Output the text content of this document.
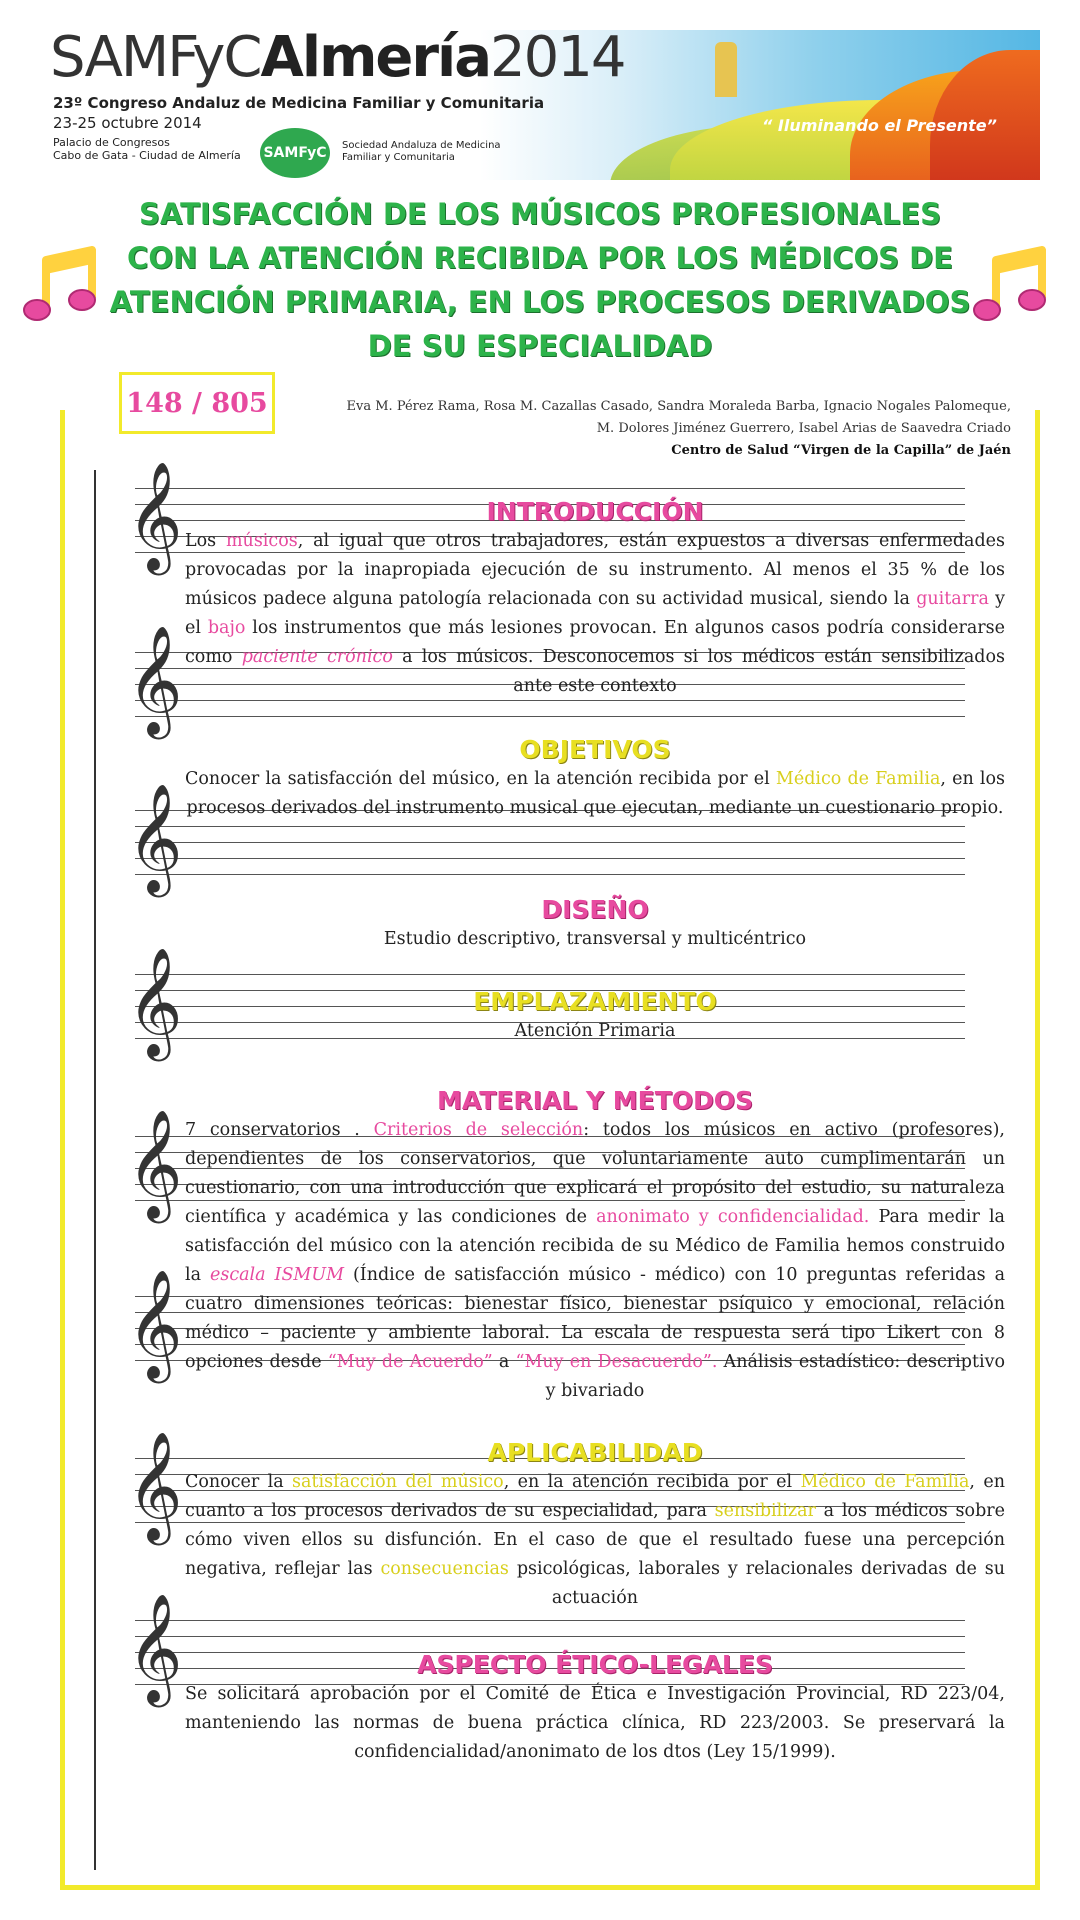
SAMFyCAlmería2014
23º Congreso Andaluz de Medicina Familiar y Comunitaria
23-25 octubre 2014
Palacio de Congresos
Cabo de Gata - Ciudad de Almería SAMFyC	Sociedad Andaluza de Medicina
Familiar y Comunitaria
“ Iluminando el Presente”
SATISFACCIÓN DE LOS MÚSICOS PROFESIONALES CON LA ATENCIÓN RECIBIDA POR LOS MÉDICOS DE ATENCIÓN PRIMARIA, EN LOS PROCESOS DERIVADOS DE SU ESPECIALIDAD
148 / 805	Eva M. Pérez Rama, Rosa M. Cazallas Casado, Sandra Moraleda Barba, Ignacio Nogales Palomeque,
M. Dolores Jiménez Guerrero, Isabel Arias de Saavedra Criado
Centro de Salud “Virgen de la Capilla” de Jaén
𝄞
𝄞
𝄞
𝄞
𝄞
𝄞
𝄞
𝄞
INTRODUCCIÓN
Los músicos, al igual que otros trabajadores, están expuestos a diversas enfermedades provocadas por la inapropiada ejecución de su instrumento. Al menos el 35 % de los músicos padece alguna patología relacionada con su actividad musical, siendo la guitarra y el bajo los instrumentos que más lesiones provocan. En algunos casos podría considerarse como paciente crónico a los músicos. Desconocemos si los médicos están sensibilizados ante este contexto
OBJETIVOS
Conocer la satisfacción del músico, en la atención recibida por el Médico de Familia, en los procesos derivados del instrumento musical que ejecutan, mediante un cuestionario propio.
DISEÑO
Estudio descriptivo, transversal y multicéntrico
EMPLAZAMIENTO
Atención Primaria
MATERIAL Y MÉTODOS
7 conservatorios . Criterios de selección: todos los músicos en activo (profesores), dependientes de los conservatorios, que voluntariamente auto cumplimentarán un cuestionario, con una introducción que explicará el propósito del estudio, su naturaleza científica y académica y las condiciones de anonimato y confidencialidad. Para medir la satisfacción del músico con la atención recibida de su Médico de Familia hemos construido la escala ISMUM (Índice de satisfacción músico - médico) con 10 preguntas referidas a cuatro dimensiones teóricas: bienestar físico, bienestar psíquico y emocional, relación médico – paciente y ambiente laboral. La escala de respuesta será tipo Likert con 8 opciones desde “Muy de Acuerdo” a “Muy en Desacuerdo”. Análisis estadístico: descriptivo y bivariado
APLICABILIDAD
Conocer la satisfacción del músico, en la atención recibida por el Médico de Familia, en cuanto a los procesos derivados de su especialidad, para sensibilizar a los médicos sobre cómo viven ellos su disfunción. En el caso de que el resultado fuese una percepción negativa, reflejar las consecuencias psicológicas, laborales y relacionales derivadas de su actuación
ASPECTO ÉTICO-LEGALES
Se solicitará aprobación por el Comité de Ética e Investigación Provincial, RD 223/04, manteniendo las normas de buena práctica clínica, RD 223/2003. Se preservará la confidencialidad/anonimato de los dtos (Ley 15/1999).
